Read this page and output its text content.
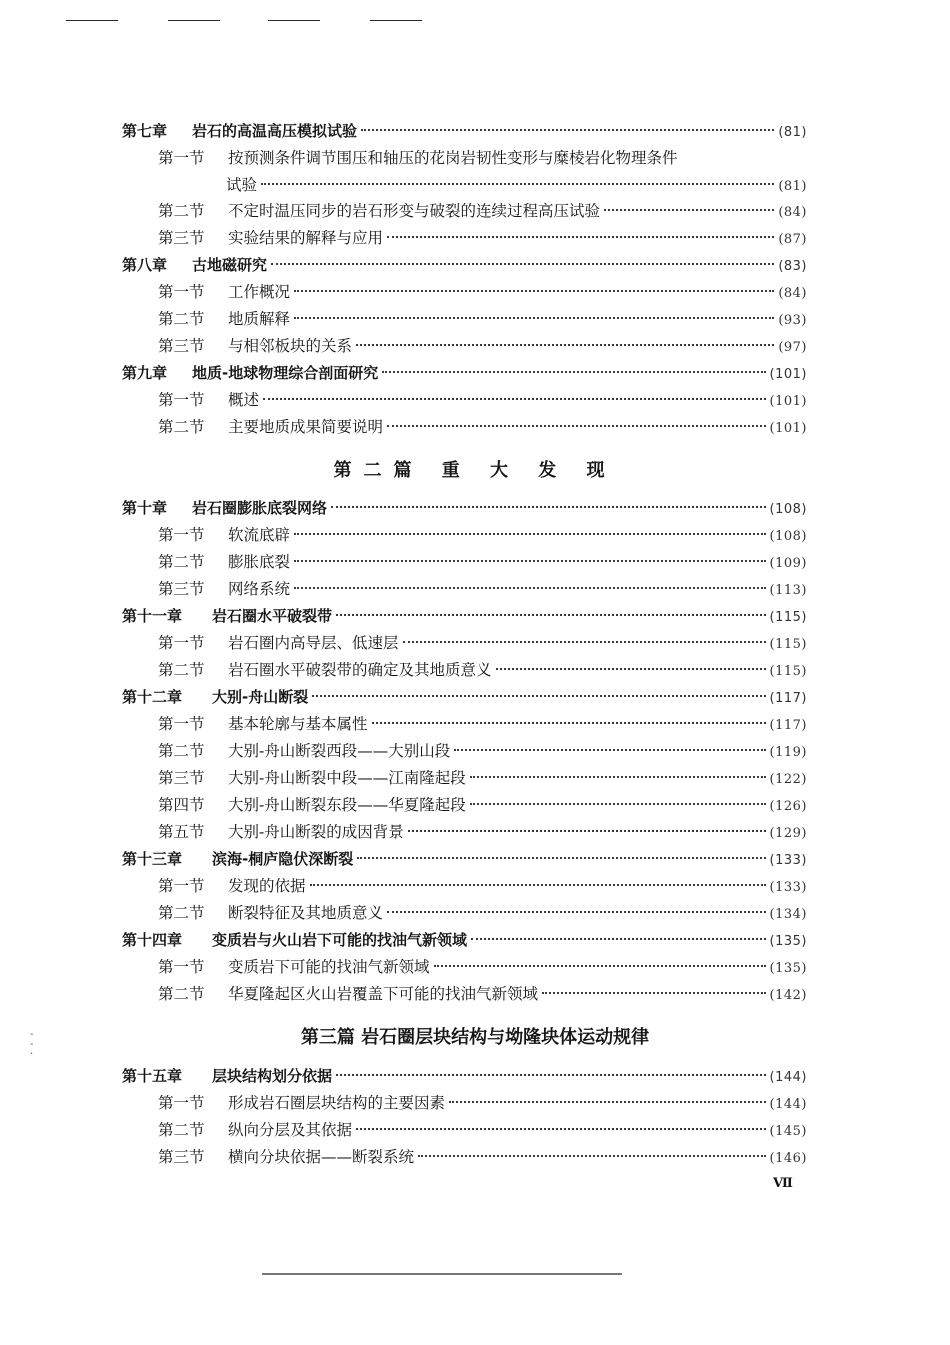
第七章	岩石的高温高压模拟试验	(81)
第一节	按预测条件调节围压和轴压的花岗岩韧性变形与糜棱岩化物理条件
试验	(81)
第二节	不定时温压同步的岩石形变与破裂的连续过程高压试验	(84)
第三节	实验结果的解释与应用	(87)
第八章	古地磁研究	(83)
第一节	工作概况	(84)
第二节	地质解释	(93)
第三节	与相邻板块的关系	(97)
第九章	地质-地球物理综合剖面研究	(101)
第一节	概述	(101)
第二节	主要地质成果简要说明	(101)
第二篇 重 大 发 现
第十章	岩石圈膨胀底裂网络	(108)
第一节	软流底辟	(108)
第二节	膨胀底裂	(109)
第三节	网络系统	(113)
第十一章	岩石圈水平破裂带	(115)
第一节	岩石圈内高导层、低速层	(115)
第二节	岩石圈水平破裂带的确定及其地质意义	(115)
第十二章	大别-舟山断裂	(117)
第一节	基本轮廓与基本属性	(117)
第二节	大别-舟山断裂西段——大别山段	(119)
第三节	大别-舟山断裂中段——江南隆起段	(122)
第四节	大别-舟山断裂东段——华夏隆起段	(126)
第五节	大别-舟山断裂的成因背景	(129)
第十三章	滨海-桐庐隐伏深断裂	(133)
第一节	发现的依据	(133)
第二节	断裂特征及其地质意义	(134)
第十四章	变质岩与火山岩下可能的找油气新领域	(135)
第一节	变质岩下可能的找油气新领域	(135)
第二节	华夏隆起区火山岩覆盖下可能的找油气新领域	(142)
第三篇 岩石圈层块结构与坳隆块体运动规律
第十五章	层块结构划分依据	(144)
第一节	形成岩石圈层块结构的主要因素	(144)
第二节	纵向分层及其依据	(145)
第三节	横向分块依据——断裂系统	(146)
Ⅶ
-
-
·
